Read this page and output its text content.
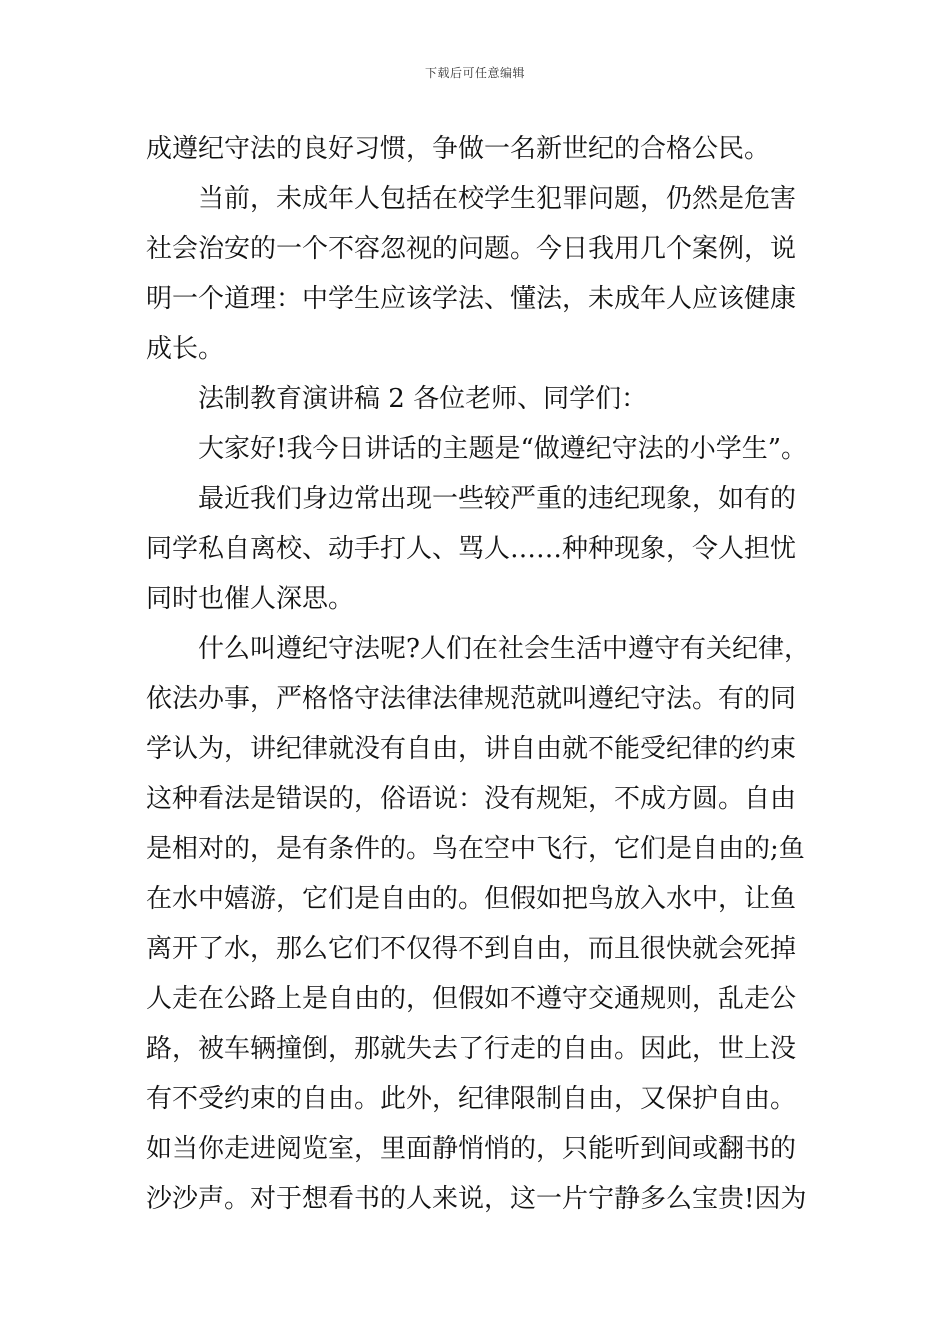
下载后可任意编辑
成遵纪守法的良好习惯，争做一名新世纪的合格公民。
当前，未成年人包括在校学生犯罪问题，仍然是危害
社会治安的一个不容忽视的问题。今日我用几个案例，说
明一个道理：中学生应该学法、懂法，未成年人应该健康
成长。
法制教育演讲稿 2 各位老师、同学们：
大家好!我今日讲话的主题是“做遵纪守法的小学生”。
最近我们身边常出现一些较严重的违纪现象，如有的
同学私自离校、动手打人、骂人……种种现象，令人担忧
同时也催人深思。
什么叫遵纪守法呢?人们在社会生活中遵守有关纪律，
依法办事，严格恪守法律法律规范就叫遵纪守法。有的同
学认为，讲纪律就没有自由，讲自由就不能受纪律的约束
这种看法是错误的，俗语说：没有规矩，不成方圆。自由
是相对的，是有条件的。鸟在空中飞行，它们是自由的;鱼
在水中嬉游，它们是自由的。但假如把鸟放入水中，让鱼
离开了水，那么它们不仅得不到自由，而且很快就会死掉
人走在公路上是自由的，但假如不遵守交通规则，乱走公
路，被车辆撞倒，那就失去了行走的自由。因此，世上没
有不受约束的自由。此外，纪律限制自由，又保护自由。
如当你走进阅览室，里面静悄悄的，只能听到间或翻书的
沙沙声。对于想看书的人来说，这一片宁静多么宝贵!因为
